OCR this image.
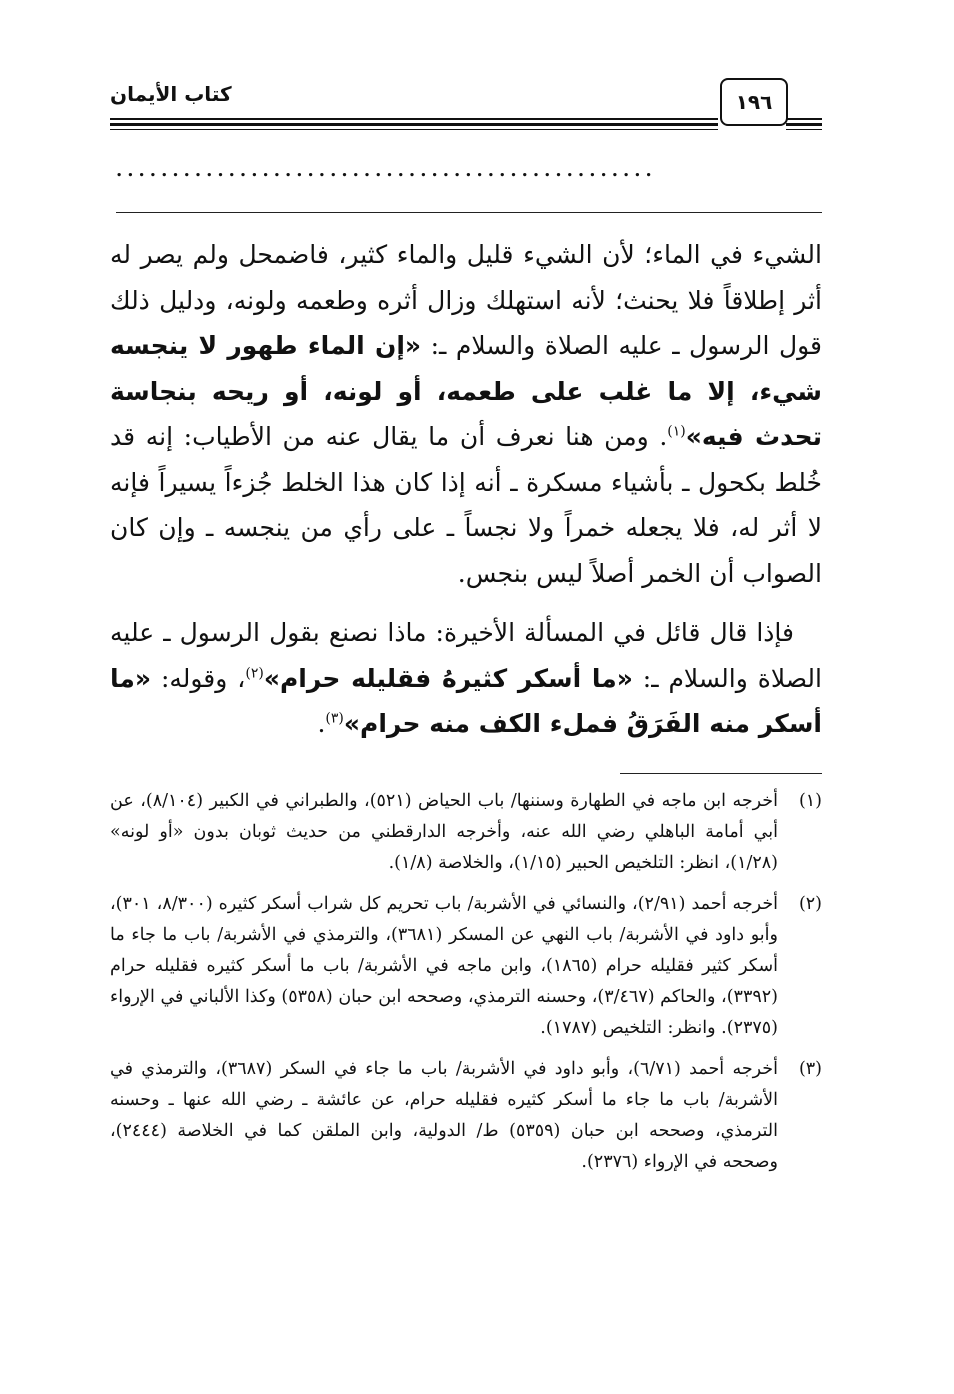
كتاب الأيمان	١٩٦
................................................

الشيء في الماء؛ لأن الشيء قليل والماء كثير، فاضمحل ولم يصر له أثر إطلاقاً فلا يحنث؛ لأنه استهلك وزال أثره وطعمه ولونه، ودليل ذلك قول الرسول ـ عليه الصلاة والسلام ـ: «إن الماء طهور لا ينجسه شيء، إلا ما غلب على طعمه، أو لونه، أو ريحه بنجاسة تحدث فيه»$^{(١)}$. ومن هنا نعرف أن ما يقال عنه من الأطياب: إنه قد خُلط بكحول ـ بأشياء مسكرة ـ أنه إذا كان هذا الخلط جُزءاً يسيراً فإنه لا أثر له، فلا يجعله خمراً ولا نجساً ـ على رأي من ينجسه ـ وإن كان الصواب أن الخمر أصلاً ليس بنجس.

فإذا قال قائل في المسألة الأخيرة: ماذا نصنع بقول الرسول ـ عليه الصلاة والسلام ـ: «ما أسكر كثيرهُ فقليله حرام»$^{(٢)}$، وقوله: «ما أسكر منه الفَرَقُ فملء الكف منه حرام»$^{(٣)}$.

(١)
أخرجه ابن ماجه في الطهارة وسننها/ باب الحياض (٥٢١)، والطبراني في الكبير (٨/١٠٤)، عن أبي أمامة الباهلي رضي الله عنه، وأخرجه الدارقطني من حديث ثوبان بدون «أو لونه» (١/٢٨)، انظر: التلخيص الحبير (١/١٥)، والخلاصة (١/٨).
(٢)
أخرجه أحمد (٢/٩١)، والنسائي في الأشربة/ باب تحريم كل شراب أسكر كثيره (٨/٣٠٠، ٣٠١)، وأبو داود في الأشربة/ باب النهي عن المسكر (٣٦٨١)، والترمذي في الأشربة/ باب ما جاء ما أسكر كثير فقليله حرام (١٨٦٥)، وابن ماجه في الأشربة/ باب ما أسكر كثيره فقليله حرام (٣٣٩٢)، والحاكم (٣/٤٦٧)، وحسنه الترمذي، وصححه ابن حبان (٥٣٥٨) وكذا الألباني في الإرواء (٢٣٧٥). وانظر: التلخيص (١٧٨٧).
(٣)
أخرجه أحمد (٦/٧١)، وأبو داود في الأشربة/ باب ما جاء في السكر (٣٦٨٧)، والترمذي في الأشربة/ باب ما جاء ما أسكر كثيره فقليله حرام، عن عائشة ـ رضي الله عنها ـ وحسنه الترمذي، وصححه ابن حبان (٥٣٥٩) ط/ الدولية، وابن الملقن كما في الخلاصة (٢٤٤٤)، وصححه في الإرواء (٢٣٧٦).
